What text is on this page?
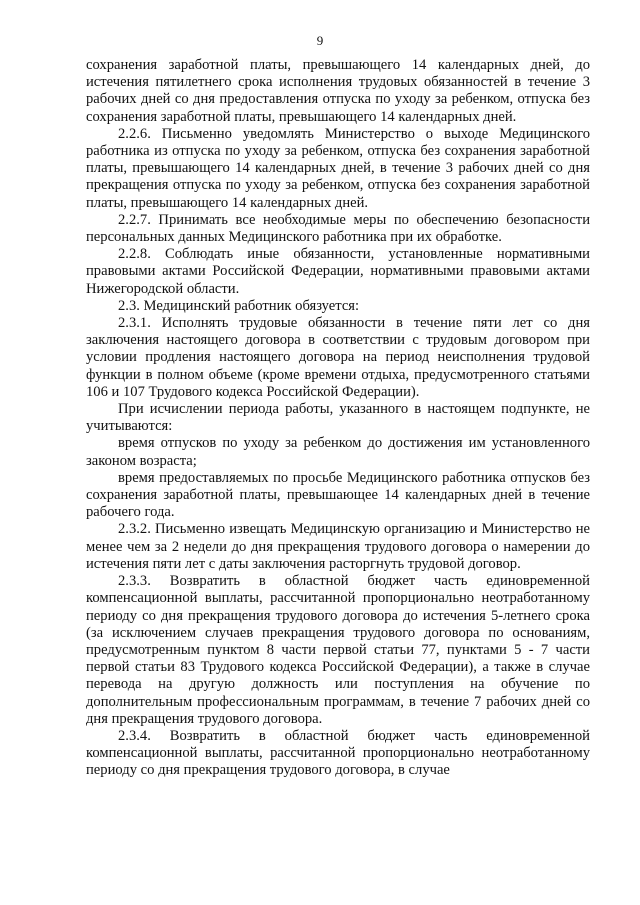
9

сохранения заработной платы, превышающего 14 календарных дней, до истечения пятилетнего срока исполнения трудовых обязанностей в течение 3 рабочих дней со дня предоставления отпуска по уходу за ребенком, отпуска без сохранения заработной платы, превышающего 14 календарных дней.

2.2.6. Письменно уведомлять Министерство о выходе Медицинского работника из отпуска по уходу за ребенком, отпуска без сохранения заработной платы, превышающего 14 календарных дней, в течение 3 рабочих дней со дня прекращения отпуска по уходу за ребенком, отпуска без сохранения заработной платы, превышающего 14 календарных дней.

2.2.7. Принимать все необходимые меры по обеспечению безопасности персональных данных Медицинского работника при их обработке.

2.2.8. Соблюдать иные обязанности, установленные нормативными правовыми актами Российской Федерации, нормативными правовыми актами Нижегородской области.

2.3. Медицинский работник обязуется:

2.3.1. Исполнять трудовые обязанности в течение пяти лет со дня заключения настоящего договора в соответствии с трудовым договором при условии продления настоящего договора на период неисполнения трудовой функции в полном объеме (кроме времени отдыха, предусмотренного статьями 106 и 107 Трудового кодекса Российской Федерации).

При исчислении периода работы, указанного в настоящем подпункте, не учитываются:

время отпусков по уходу за ребенком до достижения им установленного законом возраста;

время предоставляемых по просьбе Медицинского работника отпусков без сохранения заработной платы, превышающее 14 календарных дней в течение рабочего года.

2.3.2. Письменно извещать Медицинскую организацию и Министерство не менее чем за 2 недели до дня прекращения трудового договора о намерении до истечения пяти лет с даты заключения расторгнуть трудовой договор.

2.3.3. Возвратить в областной бюджет часть единовременной компенсационной выплаты, рассчитанной пропорционально неотработанному периоду со дня прекращения трудового договора до истечения 5-летнего срока (за исключением случаев прекращения трудового договора по основаниям, предусмотренным пунктом 8 части первой статьи 77, пунктами 5 - 7 части первой статьи 83 Трудового кодекса Российской Федерации), а также в случае перевода на другую должность или поступления на обучение по дополнительным профессиональным программам, в течение 7 рабочих дней со дня прекращения трудового договора.

2.3.4. Возвратить в областной бюджет часть единовременной компенсационной выплаты, рассчитанной пропорционально неотработанному периоду со дня прекращения трудового договора, в случае
